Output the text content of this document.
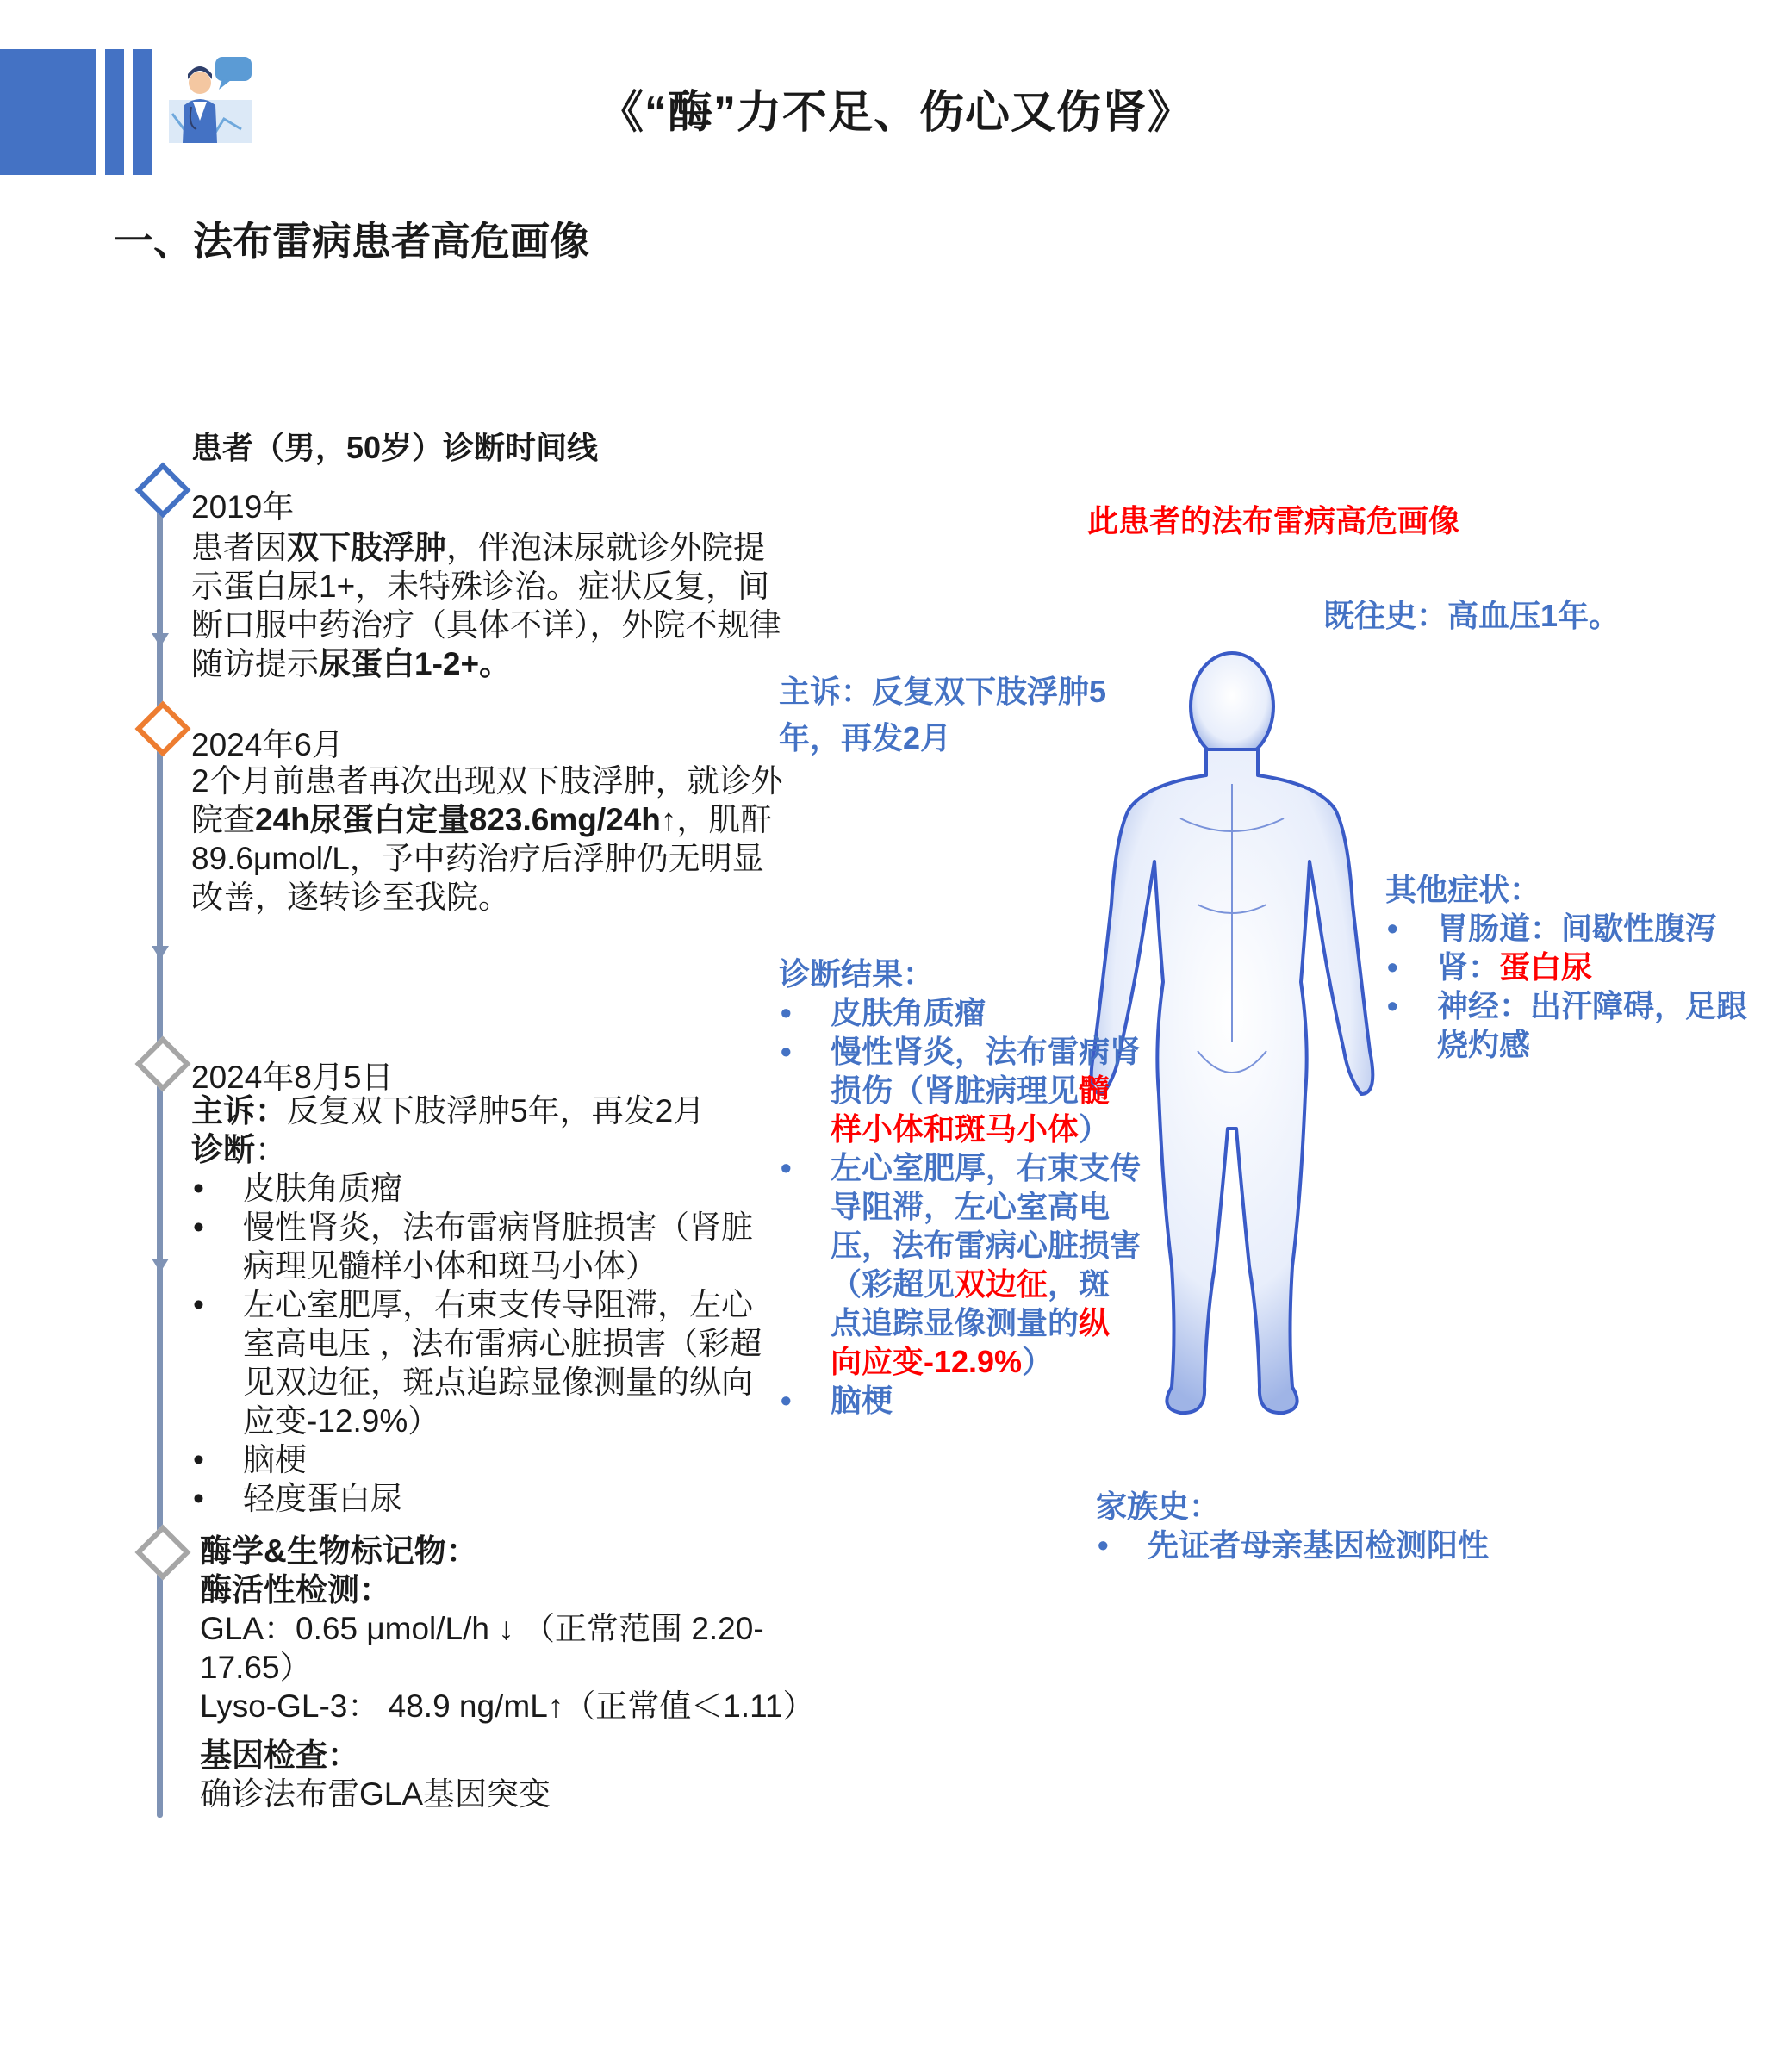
《“酶”力不足、伤心又伤肾》
一、法布雷病患者高危画像
患者（男，50岁）诊断时间线
2019年
患者因双下肢浮肿，伴泡沫尿就诊外院提示蛋白尿1+，未特殊诊治。症状反复，间断口服中药治疗（具体不详），外院不规律随访提示尿蛋白1-2+。
2024年6月
2个月前患者再次出现双下肢浮肿，就诊外院查24h尿蛋白定量823.6mg/24h↑，肌酐89.6μmol/L，予中药治疗后浮肿仍无明显改善，遂转诊至我院。
2024年8月5日
主诉：反复双下肢浮肿5年，再发2月
诊断：
• 皮肤角质瘤
• 慢性肾炎，法布雷病肾脏损害（肾脏病理见髓样小体和斑马小体）
• 左心室肥厚，右束支传导阻滞，左心室高电压 ，法布雷病心脏损害（彩超见双边征，斑点追踪显像测量的纵向应变-12.9%）
• 脑梗
• 轻度蛋白尿
酶学&生物标记物：
酶活性检测：
GLA：0.65 μmol/L/h ↓ （正常范围 2.20-17.65）
Lyso-GL-3： 48.9 ng/mL↑（正常值＜1.11）
基因检查：
确诊法布雷GLA基因突变
此患者的法布雷病高危画像
既往史：高血压1年。
主诉：反复双下肢浮肿5年，再发2月
诊断结果：
• 皮肤角质瘤
• 慢性肾炎，法布雷病肾损伤（肾脏病理见髓样小体和斑马小体）
• 左心室肥厚，右束支传导阻滞，左心室高电压，法布雷病心脏损害（彩超见双边征，斑点追踪显像测量的纵向应变-12.9%）
• 脑梗
其他症状：
• 胃肠道：间歇性腹泻
• 肾：蛋白尿
• 神经：出汗障碍，足跟烧灼感
家族史：
• 先证者母亲基因检测阳性
